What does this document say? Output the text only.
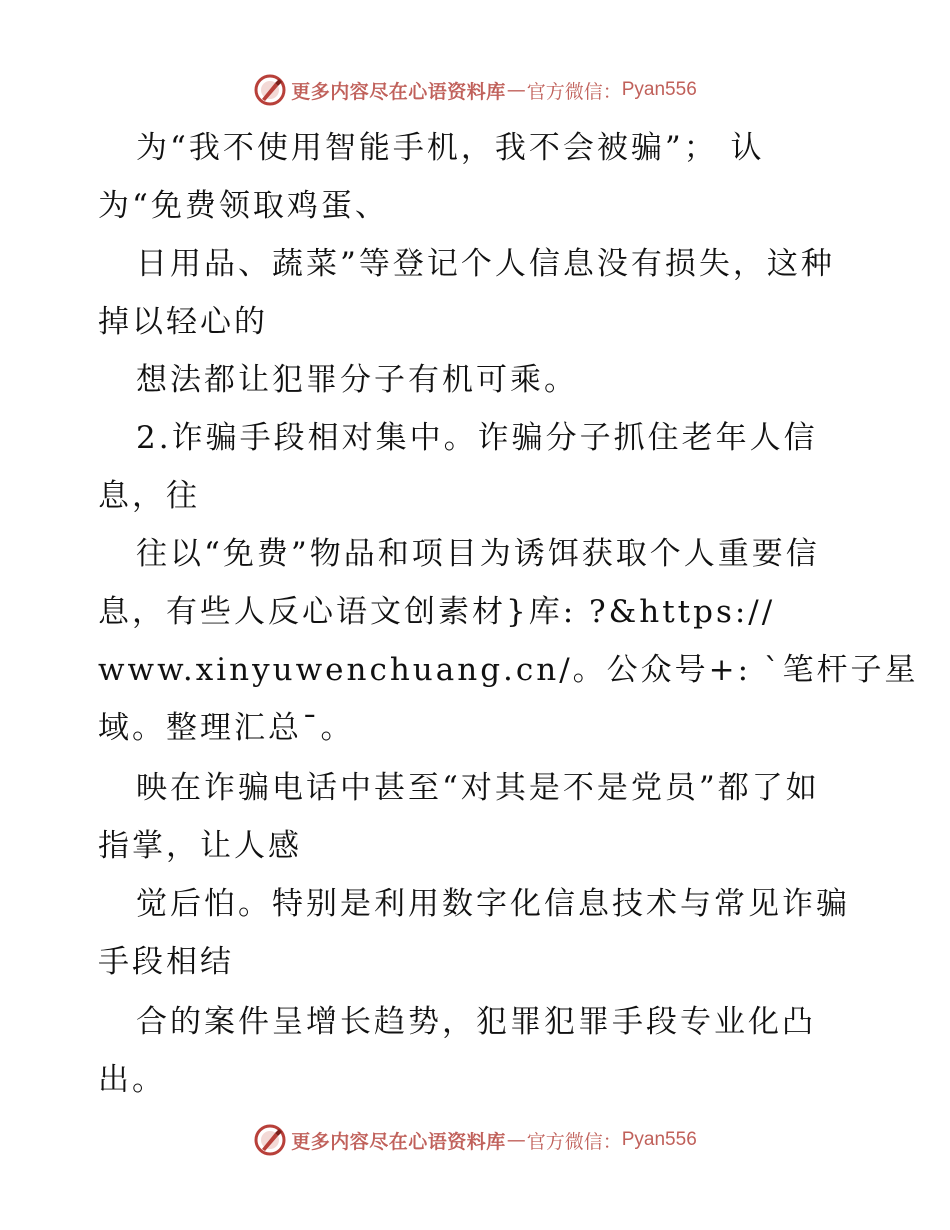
更多内容尽在心语资料库 — 官方微信： Pyan556
为“我不使用智能手机，我不会被骗”； 认
为“免费领取鸡蛋、
日用品、蔬菜”等登记个人信息没有损失，这种
掉以轻心的
想法都让犯罪分子有机可乘。
2.诈骗手段相对集中。诈骗分子抓住老年人信
息，往
往以“免费”物品和项目为诱饵获取个人重要信
息，有些人反心语文创素材}库: ?&https://
www.xinyuwenchuang.cn/。公众号+: `笔杆子星
域。整理汇总¯。
映在诈骗电话中甚至“对其是不是党员”都了如
指掌，让人感
觉后怕。特别是利用数字化信息技术与常见诈骗
手段相结
合的案件呈增长趋势，犯罪犯罪手段专业化凸
出。
更多内容尽在心语资料库 — 官方微信： Pyan556
